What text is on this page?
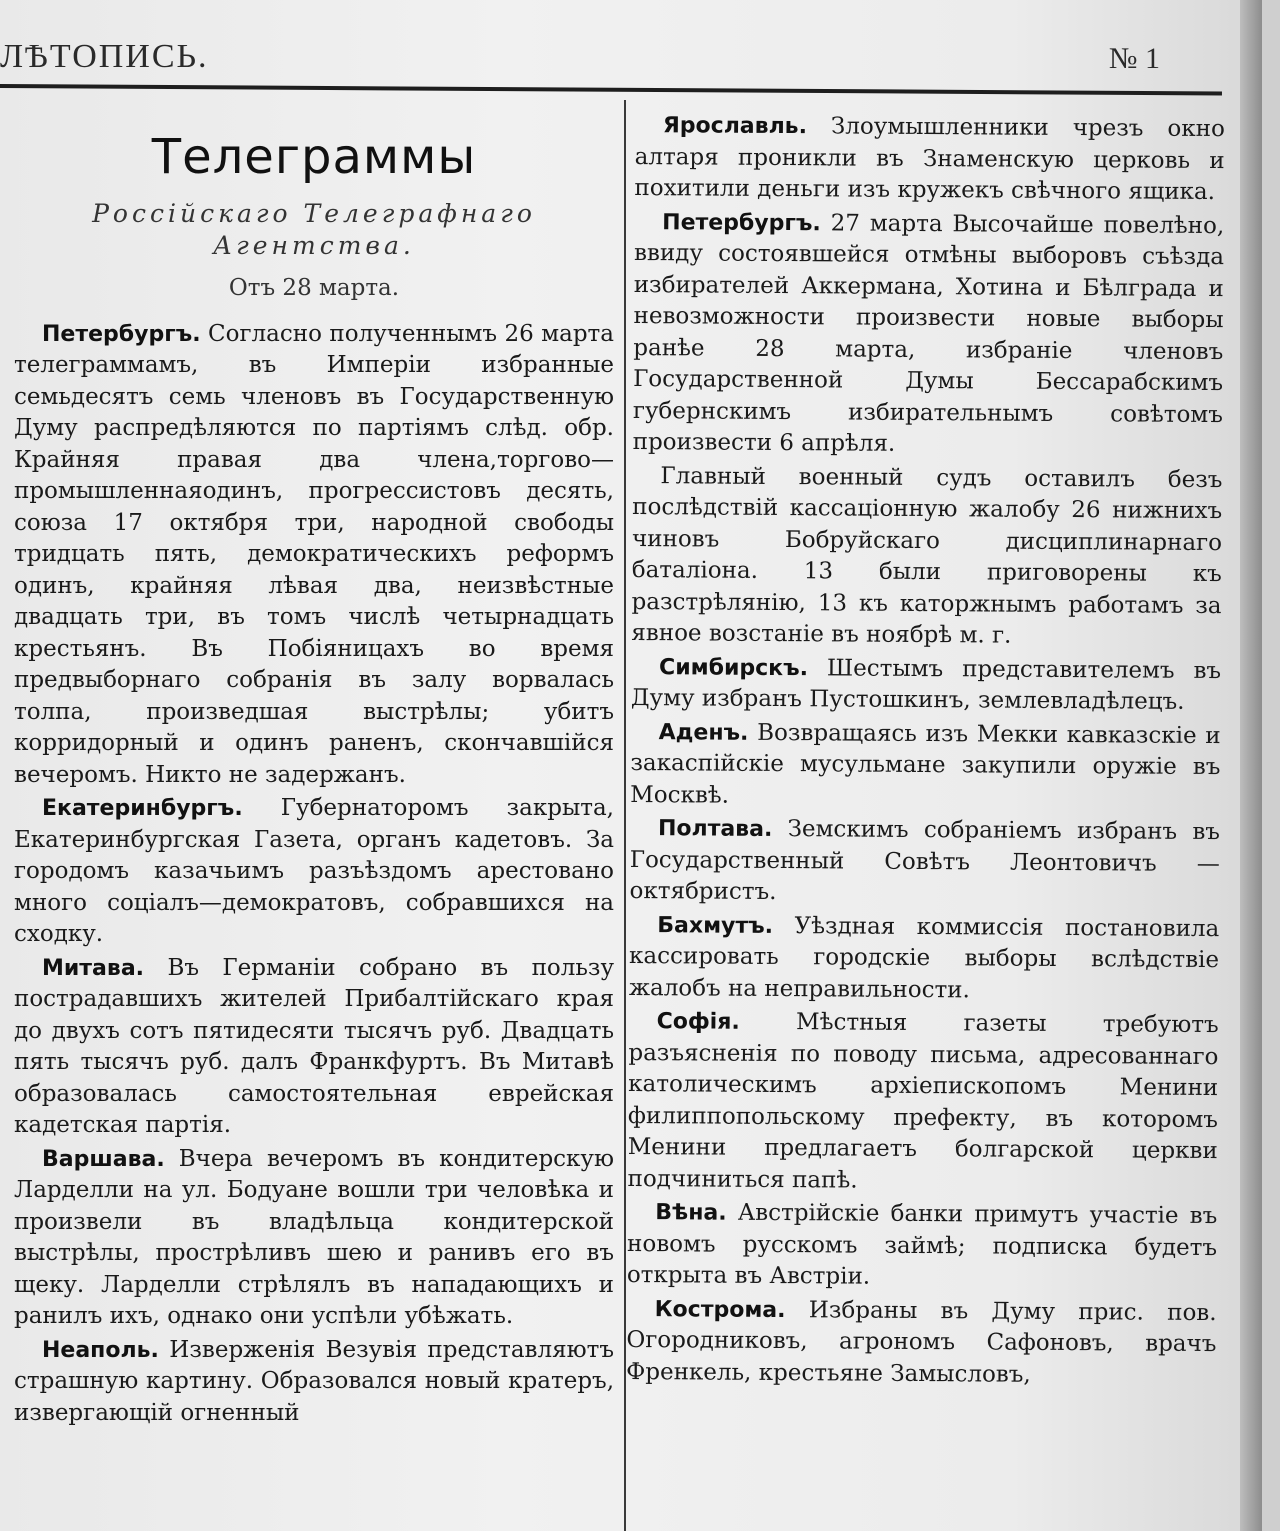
ЛѢТОПИСЬ.	№ 1
Телеграммы
Россійскаго Телеграфнаго Агентства.
Отъ 28 марта.

Петербургъ. Согласно полученнымъ 26 марта телеграммамъ, въ Имперіи избранные семьдесятъ семь членовъ въ Государственную Думу распредѣляются по партіямъ слѣд. обр. Крайняя правая два члена,торгово—промышленнаяодинъ, прогрессистовъ десять, союза 17 октября три, народной свободы тридцать пять, демократическихъ реформъ одинъ, крайняя лѣвая два, неизвѣстные двадцать три, въ томъ числѣ четырнадцать крестьянъ. Въ Побіяницахъ во время предвыборнаго собранія въ залу ворвалась толпа, произведшая выстрѣлы; убитъ корридорный и одинъ раненъ, скончавшійся вечеромъ. Никто не задержанъ.

Екатеринбургъ. Губернаторомъ закрыта, Екатеринбургская Газета, органъ кадетовъ. За городомъ казачьимъ разъѣздомъ арестовано много соціалъ—демократовъ, собравшихся на сходку.

Митава. Въ Германіи собрано въ пользу пострадавшихъ жителей Прибалтійскаго края до двухъ сотъ пятидесяти тысячъ руб. Двадцать пять тысячъ руб. далъ Франкфуртъ. Въ Митавѣ образовалась самостоятельная еврейская кадетская партія.

Варшава. Вчера вечеромъ въ кондитерскую Ларделли на ул. Бодуане вошли три человѣка и произвели въ владѣльца кондитерской выстрѣлы, прострѣливъ шею и ранивъ его въ щеку. Ларделли стрѣлялъ въ нападающихъ и ранилъ ихъ, однако они успѣли убѣжать.

Неаполь. Изверженія Везувія представляютъ страшную картину. Образовался новый кратеръ, извергающій огненный

Ярославль. Злоумышленники чрезъ окно алтаря проникли въ Знаменскую церковь и похитили деньги изъ кружекъ свѣчного ящика.

Петербургъ. 27 марта Высочайше повелѣно, ввиду состоявшейся отмѣны выборовъ съѣзда избирателей Аккермана, Хотина и Бѣлграда и невозможности произвести новые выборы ранѣе 28 марта, избраніе членовъ Государственной Думы Бессарабскимъ губернскимъ избирательнымъ совѣтомъ произвести 6 апрѣля.

Главный военный судъ оставилъ безъ послѣдствій кассаціонную жалобу 26 нижнихъ чиновъ Бобруйскаго дисциплинарнаго баталіона. 13 были приговорены къ разстрѣлянію, 13 къ каторжнымъ работамъ за явное возстаніе въ ноябрѣ м. г.

Симбирскъ. Шестымъ представителемъ въ Думу избранъ Пустошкинъ, землевладѣлецъ.

Аденъ. Возвращаясь изъ Мекки кавказскіе и закаспійскіе мусульмане закупили оружіе въ Москвѣ.

Полтава. Земскимъ собраніемъ избранъ въ Государственный Совѣтъ Леонтовичъ —октябристъ.

Бахмутъ. Уѣздная коммиссія постановила кассировать городскіе выборы вслѣдствіе жалобъ на неправильности.

Софія. Мѣстныя газеты требуютъ разъясненія по поводу письма, адресованнаго католическимъ архіепископомъ Менини филиппопольскому префекту, въ которомъ Менини предлагаетъ болгарской церкви подчиниться папѣ.

Вѣна. Австрійскіе банки примутъ участіе въ новомъ русскомъ займѣ; подписка будетъ открыта въ Австріи.

Кострома. Избраны въ Думу прис. пов. Огородниковъ, агрономъ Сафоновъ, врачъ Френкель, крестьяне Замысловъ,
